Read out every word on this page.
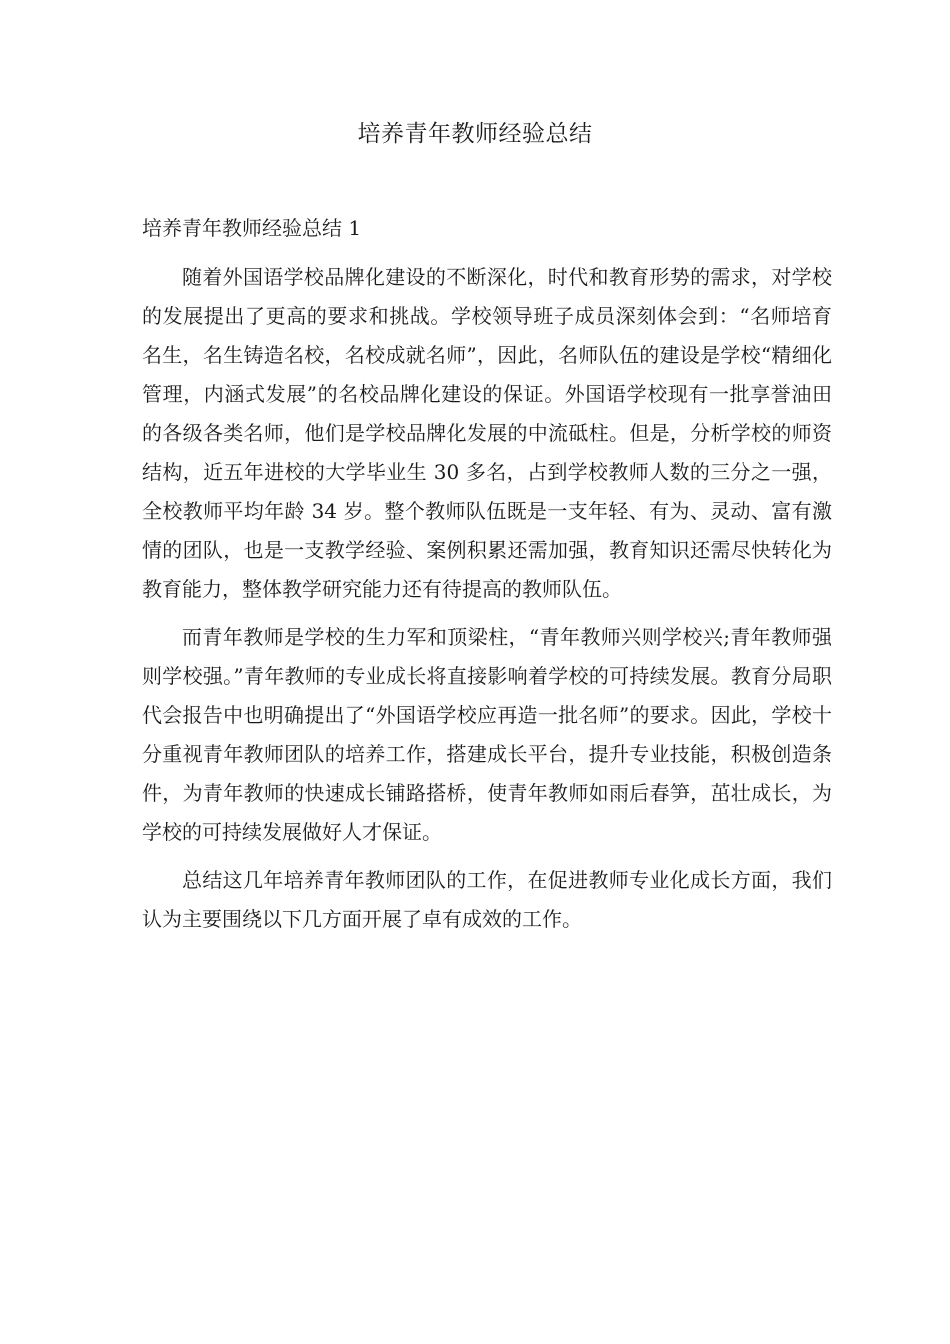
培养青年教师经验总结
培养青年教师经验总结 1

随着外国语学校品牌化建设的不断深化，时代和教育形势的需求，对学校的发展提出了更高的要求和挑战。学校领导班子成员深刻体会到：“名师培育名生，名生铸造名校，名校成就名师”，因此，名师队伍的建设是学校“精细化管理，内涵式发展”的名校品牌化建设的保证。外国语学校现有一批享誉油田的各级各类名师，他们是学校品牌化发展的中流砥柱。但是，分析学校的师资结构，近五年进校的大学毕业生 30 多名，占到学校教师人数的三分之一强，全校教师平均年龄 34 岁。整个教师队伍既是一支年轻、有为、灵动、富有激情的团队，也是一支教学经验、案例积累还需加强，教育知识还需尽快转化为教育能力，整体教学研究能力还有待提高的教师队伍。

而青年教师是学校的生力军和顶梁柱，“青年教师兴则学校兴;青年教师强则学校强。”青年教师的专业成长将直接影响着学校的可持续发展。教育分局职代会报告中也明确提出了“外国语学校应再造一批名师”的要求。因此，学校十分重视青年教师团队的培养工作，搭建成长平台，提升专业技能，积极创造条件，为青年教师的快速成长铺路搭桥，使青年教师如雨后春笋，茁壮成长，为学校的可持续发展做好人才保证。

总结这几年培养青年教师团队的工作，在促进教师专业化成长方面，我们认为主要围绕以下几方面开展了卓有成效的工作。
